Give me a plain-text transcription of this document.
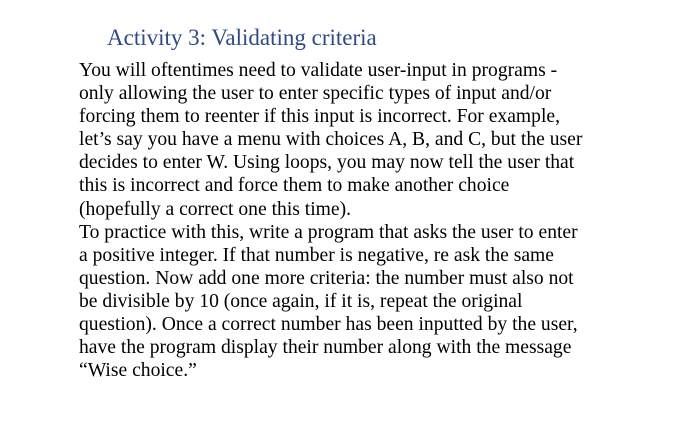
Activity 3: Validating criteria
You will oftentimes need to validate user-input in programs -
only allowing the user to enter specific types of input and/or
forcing them to reenter if this input is incorrect. For example,
let’s say you have a menu with choices A, B, and C, but the user
decides to enter W. Using loops, you may now tell the user that
this is incorrect and force them to make another choice
(hopefully a correct one this time).
To practice with this, write a program that asks the user to enter
a positive integer. If that number is negative, re ask the same
question. Now add one more criteria: the number must also not
be divisible by 10 (once again, if it is, repeat the original
question). Once a correct number has been inputted by the user,
have the program display their number along with the message
“Wise choice.”
